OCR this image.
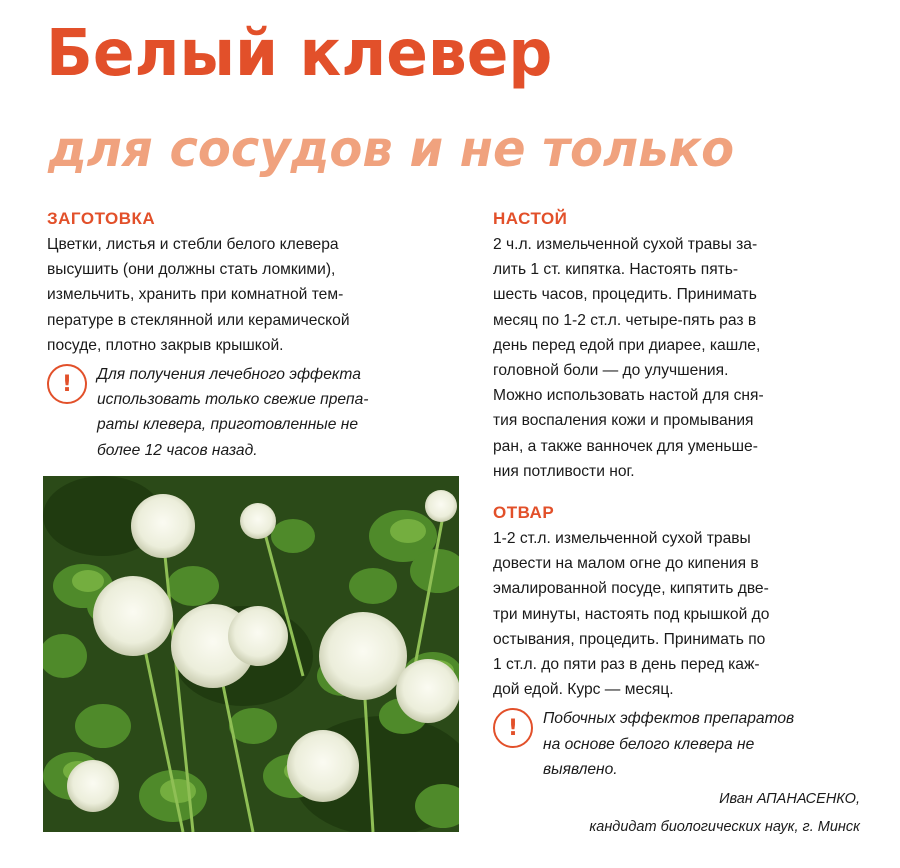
Белый клевер
для сосудов и не только
ЗАГОТОВКА

Цветки, листья и стебли белого клевера
высушить (они должны стать ломкими),
измельчить, хранить при комнатной тем-
пературе в стеклянной или керамической
посуде, плотно закрыв крышкой.

!	Для получения лечебного эффекта
использовать только свежие препа-
раты клевера, приготовленные не
более 12 часов назад.

НАСТОЙ

2 ч.л. измельченной сухой травы за-
лить 1 ст. кипятка. Настоять пять-
шесть часов, процедить. Принимать
месяц по 1-2 ст.л. четыре-пять раз в
день перед едой при диарее, кашле,
головной боли — до улучшения.
Можно использовать настой для сня-
тия воспаления кожи и промывания
ран, а также ванночек для уменьше-
ния потливости ног.

ОТВАР

1-2 ст.л. измельченной сухой травы
довести на малом огне до кипения в
эмалированной посуде, кипятить две-
три минуты, настоять под крышкой до
остывания, процедить. Принимать по
1 ст.л. до пяти раз в день перед каж-
дой едой. Курс — месяц.

!	Побочных эффектов препаратов
на основе белого клевера не
выявлено.

Иван АПАНАСЕНКО,
кандидат биологических наук, г. Минск
